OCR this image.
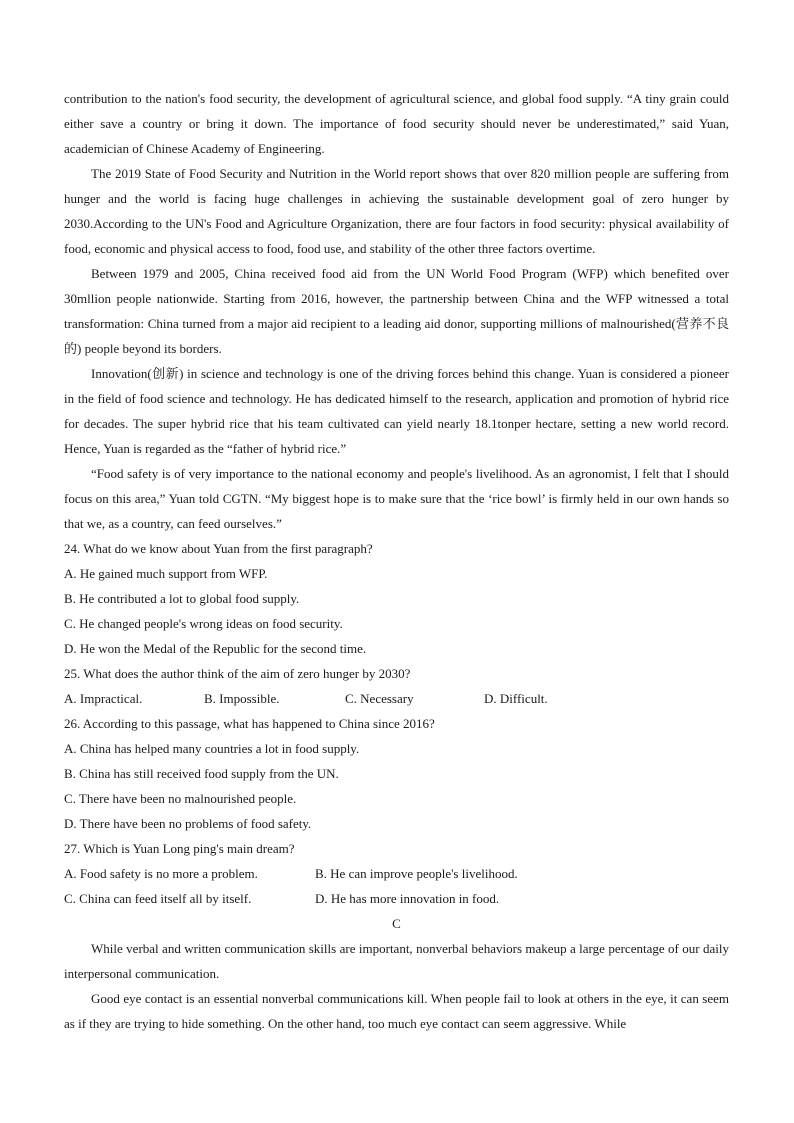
contribution to the nation's food security, the development of agricultural science, and global food supply. “A tiny grain could either save a country or bring it down. The importance of food security should never be underestimated,” said Yuan, academician of Chinese Academy of Engineering.

The 2019 State of Food Security and Nutrition in the World report shows that over 820 million people are suffering from hunger and the world is facing huge challenges in achieving the sustainable development goal of zero hunger by 2030.According to the UN's Food and Agriculture Organization, there are four factors in food security: physical availability of food, economic and physical access to food, food use, and stability of the other three factors overtime.

Between 1979 and 2005, China received food aid from the UN World Food Program (WFP) which benefited over 30mllion people nationwide. Starting from 2016, however, the partnership between China and the WFP witnessed a total transformation: China turned from a major aid recipient to a leading aid donor, supporting millions of malnourished(营养不良的) people beyond its borders.

Innovation(创新) in science and technology is one of the driving forces behind this change. Yuan is considered a pioneer in the field of food science and technology. He has dedicated himself to the research, application and promotion of hybrid rice for decades. The super hybrid rice that his team cultivated can yield nearly 18.1tonper hectare, setting a new world record. Hence, Yuan is regarded as the “father of hybrid rice.”

“Food safety is of very importance to the national economy and people's livelihood. As an agronomist, I felt that I should focus on this area,” Yuan told CGTN. “My biggest hope is to make sure that the ‘rice bowl’ is firmly held in our own hands so that we, as a country, can feed ourselves.”

24. What do we know about Yuan from the first paragraph?

A. He gained much support from WFP.

B. He contributed a lot to global food supply.

C. He changed people's wrong ideas on food security.

D. He won the Medal of the Republic for the second time.

25. What does the author think of the aim of zero hunger by 2030?

A. Impractical.	B. Impossible.	C. Necessary	D. Difficult.

26. According to this passage, what has happened to China since 2016?

A. China has helped many countries a lot in food supply.

B. China has still received food supply from the UN.

C. There have been no malnourished people.

D. There have been no problems of food safety.

27. Which is Yuan Long ping's main dream?

A. Food safety is no more a problem.	B. He can improve people's livelihood.
C. China can feed itself all by itself.	D. He has more innovation in food.

C

While verbal and written communication skills are important, nonverbal behaviors makeup a large percentage of our daily interpersonal communication.

Good eye contact is an essential nonverbal communications kill. When people fail to look at others in the eye, it can seem as if they are trying to hide something. On the other hand, too much eye contact can seem aggressive. While
